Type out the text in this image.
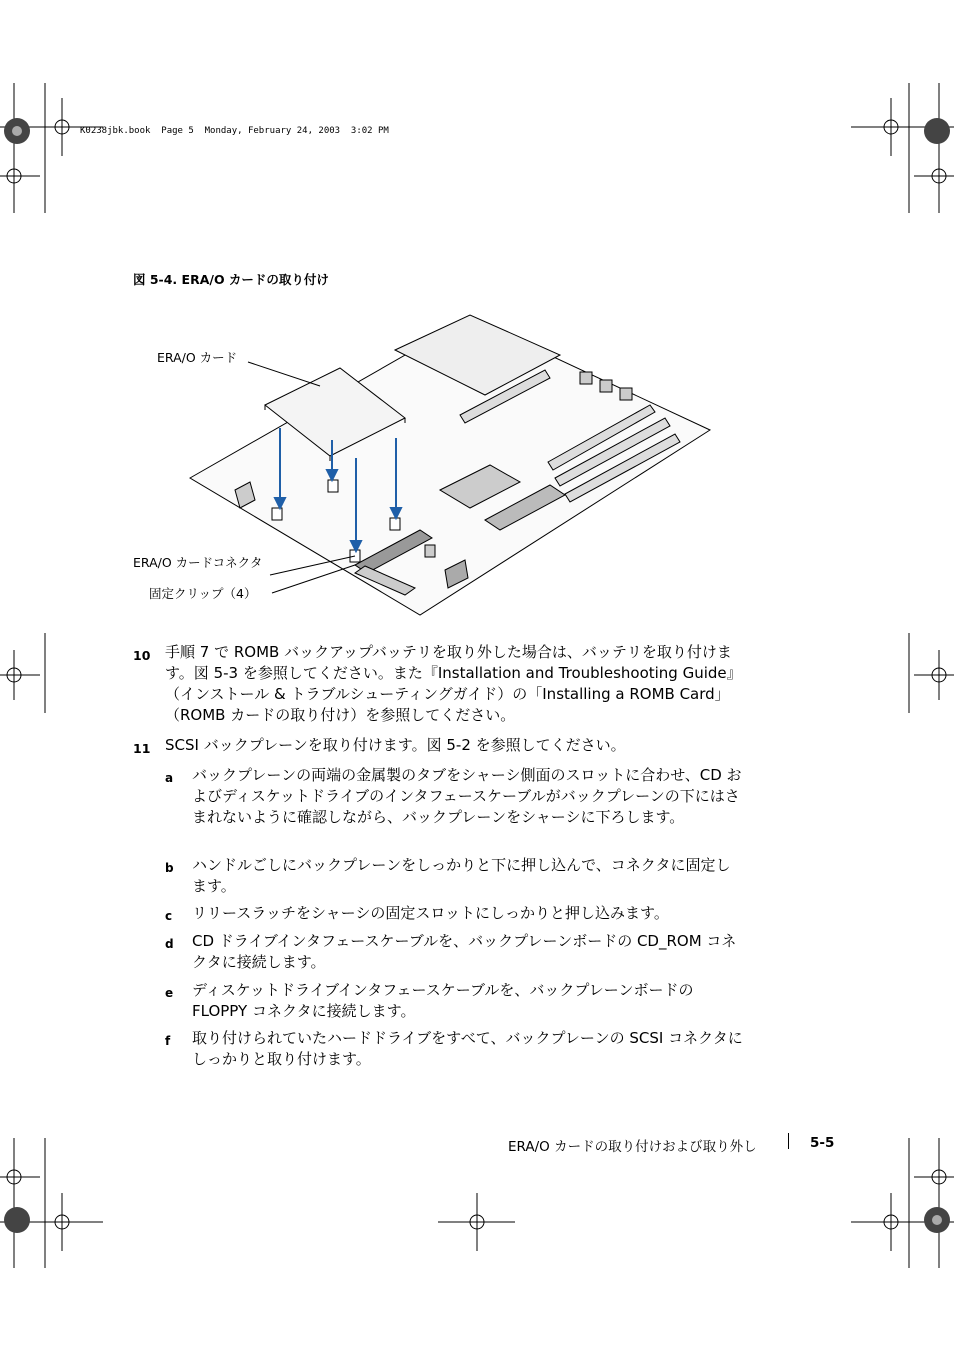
K0238jbk.book  Page 5  Monday, February 24, 2003  3:02 PM
図 5-4. ERA/O カードの取り付け
ERA/O カード
ERA/O カードコネクタ
固定クリップ（4）
10 手順 7 で ROMB バックアップバッテリを取り外した場合は、バッテリを取り付けます。図 5-3 を参照してください。また『Installation and Troubleshooting Guide』（インストール & トラブルシューティングガイド）の「Installing a ROMB Card」（ROMB カードの取り付け）を参照してください。
11 SCSI バックプレーンを取り付けます。図 5-2 を参照してください。
a バックプレーンの両端の金属製のタブをシャーシ側面のスロットに合わせ、CD およびディスケットドライブのインタフェースケーブルがバックプレーンの下にはさまれないように確認しながら、バックプレーンをシャーシに下ろします。
b ハンドルごしにバックプレーンをしっかりと下に押し込んで、コネクタに固定します。
c リリースラッチをシャーシの固定スロットにしっかりと押し込みます。
d CD ドライブインタフェースケーブルを、バックプレーンボードの CD_ROM コネクタに接続します。
e ディスケットドライブインタフェースケーブルを、バックプレーンボードの FLOPPY コネクタに接続します。
f 取り付けられていたハードドライブをすべて、バックプレーンの SCSI コネクタにしっかりと取り付けます。
ERA/O カードの取り付けおよび取り外し	5-5
